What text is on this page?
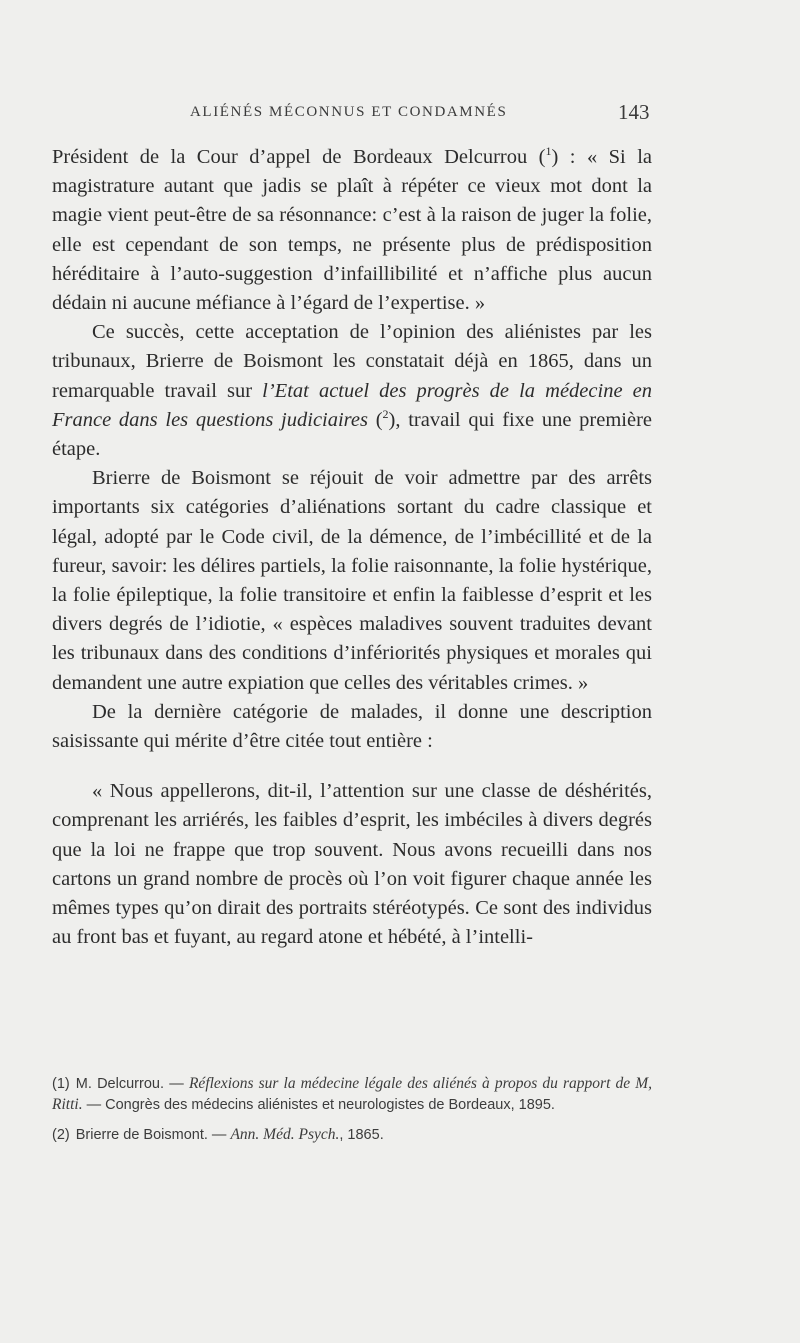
ALIÉNÉS MÉCONNUS ET CONDAMNÉS	143

Président de la Cour d’appel de Bordeaux Delcurrou ($^1$) : « Si la magistrature autant que jadis se plaît à répéter ce vieux mot dont la magie vient peut-être de sa résonnance: c’est à la raison de juger la folie, elle est cependant de son temps, ne présente plus de prédisposition héréditaire à l’auto-suggestion d’infaillibilité et n’affiche plus aucun dédain ni aucune méfiance à l’égard de l’expertise. »

Ce succès, cette acceptation de l’opinion des aliénistes par les tribunaux, Brierre de Boismont les constatait déjà en 1865, dans un remarquable travail sur l’Etat actuel des progrès de la médecine en France dans les questions judiciaires ($^2$), travail qui fixe une première étape.

Brierre de Boismont se réjouit de voir admettre par des arrêts importants six catégories d’aliénations sortant du cadre classique et légal, adopté par le Code civil, de la démence, de l’imbécillité et de la fureur, savoir: les délires partiels, la folie raisonnante, la folie hystérique, la folie épileptique, la folie transitoire et enfin la faiblesse d’esprit et les divers degrés de l’idiotie, « espèces maladives souvent traduites devant les tribunaux dans des conditions d’infériorités physiques et morales qui demandent une autre expiation que celles des véritables crimes. »

De la dernière catégorie de malades, il donne une description saisissante qui mérite d’être citée tout entière :

« Nous appellerons, dit-il, l’attention sur une classe de déshérités, comprenant les arriérés, les faibles d’esprit, les imbéciles à divers degrés que la loi ne frappe que trop souvent. Nous avons recueilli dans nos cartons un grand nombre de procès où l’on voit figurer chaque année les mêmes types qu’on dirait des portraits stéréotypés. Ce sont des individus au front bas et fuyant, au regard atone et hébété, à l’intelli-

(1) M. Delcurrou. — Réflexions sur la médecine légale des aliénés à propos du rapport de M, Ritti. — Congrès des médecins aliénistes et neurologistes de Bordeaux, 1895.

(2) Brierre de Boismont. — Ann. Méd. Psych., 1865.
